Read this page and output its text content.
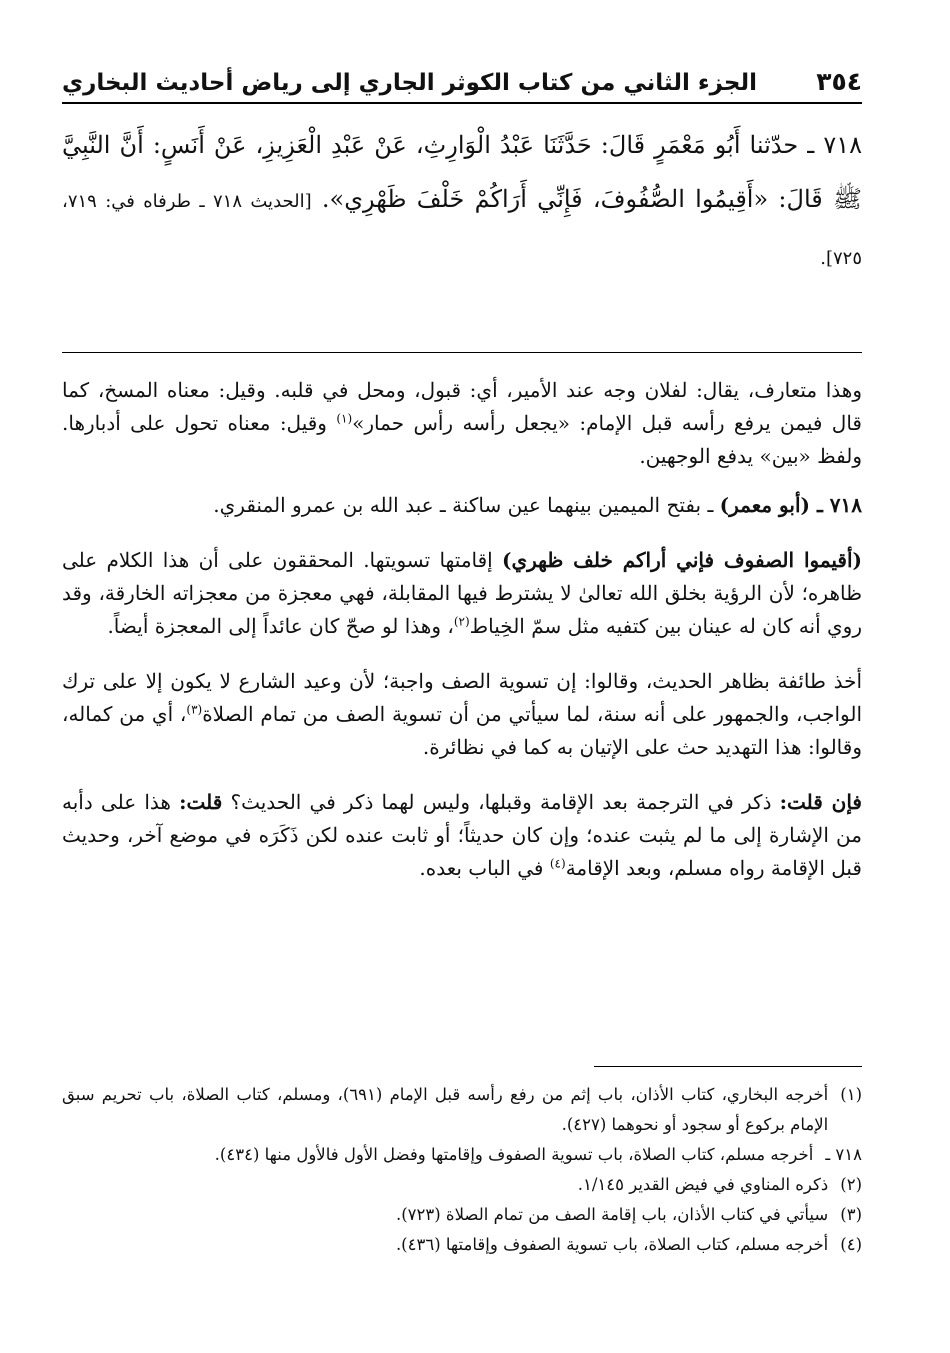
٣٥٤
الجزء الثاني من كتاب الكوثر الجاري إلى رياض أحاديث البخاري
٧١٨ ـ حدّثنا أَبُو مَعْمَرٍ قَالَ: حَدَّثَنَا عَبْدُ الْوَارِثِ، عَنْ عَبْدِ الْعَزِيزِ، عَنْ أَنَسٍ: أَنَّ النَّبِيَّ ﷺ قَالَ: «أَقِيمُوا الصُّفُوفَ، فَإِنِّي أَرَاكُمْ خَلْفَ ظَهْرِي». [الحديث ٧١٨ ـ طرفاه في: ٧١٩، ٧٢٥].

وهذا متعارف، يقال: لفلان وجه عند الأمير، أي: قبول، ومحل في قلبه. وقيل: معناه المسخ، كما قال فيمن يرفع رأسه قبل الإمام: «يجعل رأسه رأس حمار»$^{(١)}$ وقيل: معناه تحول على أدبارها. ولفظ «بين» يدفع الوجهين.

٧١٨ ـ (أبو معمر) ـ بفتح الميمين بينهما عين ساكنة ـ عبد الله بن عمرو المنقري.

(أقيموا الصفوف فإني أراكم خلف ظهري) إقامتها تسويتها. المحققون على أن هذا الكلام على ظاهره؛ لأن الرؤية بخلق الله تعالىٰ لا يشترط فيها المقابلة، فهي معجزة من معجزاته الخارقة، وقد روي أنه كان له عينان بين كتفيه مثل سمّ الخِياط$^{(٢)}$، وهذا لو صحّ كان عائداً إلى المعجزة أيضاً.

أخذ طائفة بظاهر الحديث، وقالوا: إن تسوية الصف واجبة؛ لأن وعيد الشارع لا يكون إلا على ترك الواجب، والجمهور على أنه سنة، لما سيأتي من أن تسوية الصف من تمام الصلاة$^{(٣)}$، أي من كماله، وقالوا: هذا التهديد حث على الإتيان به كما في نظائرة.

فإن قلت: ذكر في الترجمة بعد الإقامة وقبلها، وليس لهما ذكر في الحديث؟ قلت: هذا على دأبه من الإشارة إلى ما لم يثبت عنده؛ وإن كان حديثاً؛ أو ثابت عنده لكن ذَكَرَه في موضع آخر، وحديث قبل الإقامة رواه مسلم، وبعد الإقامة$^{(٤)}$ في الباب بعده.

(١)
أخرجه البخاري، كتاب الأذان، باب إثم من رفع رأسه قبل الإمام (٦٩١)، ومسلم، كتاب الصلاة، باب تحريم سبق الإمام بركوع أو سجود أو نحوهما (٤٢٧).
٧١٨ ـ
أخرجه مسلم، كتاب الصلاة، باب تسوية الصفوف وإقامتها وفضل الأول فالأول منها (٤٣٤).
(٢)
ذكره المناوي في فيض القدير ١/١٤٥.
(٣)
سيأتي في كتاب الأذان، باب إقامة الصف من تمام الصلاة (٧٢٣).
(٤)
أخرجه مسلم، كتاب الصلاة، باب تسوية الصفوف وإقامتها (٤٣٦).
